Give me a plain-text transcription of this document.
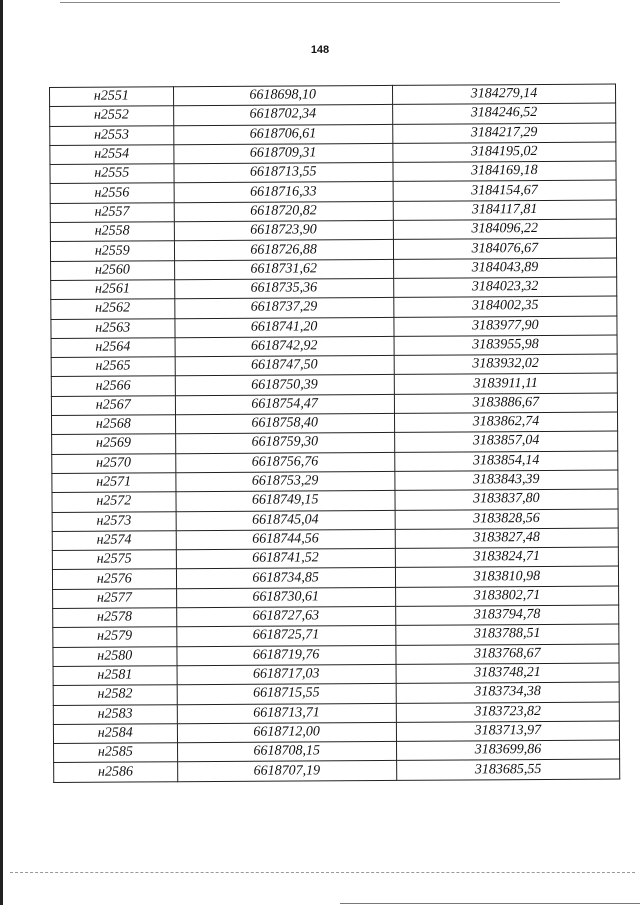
148
н2551	6618698,10	3184279,14
н2552	6618702,34	3184246,52
н2553	6618706,61	3184217,29
н2554	6618709,31	3184195,02
н2555	6618713,55	3184169,18
н2556	6618716,33	3184154,67
н2557	6618720,82	3184117,81
н2558	6618723,90	3184096,22
н2559	6618726,88	3184076,67
н2560	6618731,62	3184043,89
н2561	6618735,36	3184023,32
н2562	6618737,29	3184002,35
н2563	6618741,20	3183977,90
н2564	6618742,92	3183955,98
н2565	6618747,50	3183932,02
н2566	6618750,39	3183911,11
н2567	6618754,47	3183886,67
н2568	6618758,40	3183862,74
н2569	6618759,30	3183857,04
н2570	6618756,76	3183854,14
н2571	6618753,29	3183843,39
н2572	6618749,15	3183837,80
н2573	6618745,04	3183828,56
н2574	6618744,56	3183827,48
н2575	6618741,52	3183824,71
н2576	6618734,85	3183810,98
н2577	6618730,61	3183802,71
н2578	6618727,63	3183794,78
н2579	6618725,71	3183788,51
н2580	6618719,76	3183768,67
н2581	6618717,03	3183748,21
н2582	6618715,55	3183734,38
н2583	6618713,71	3183723,82
н2584	6618712,00	3183713,97
н2585	6618708,15	3183699,86
н2586	6618707,19	3183685,55
